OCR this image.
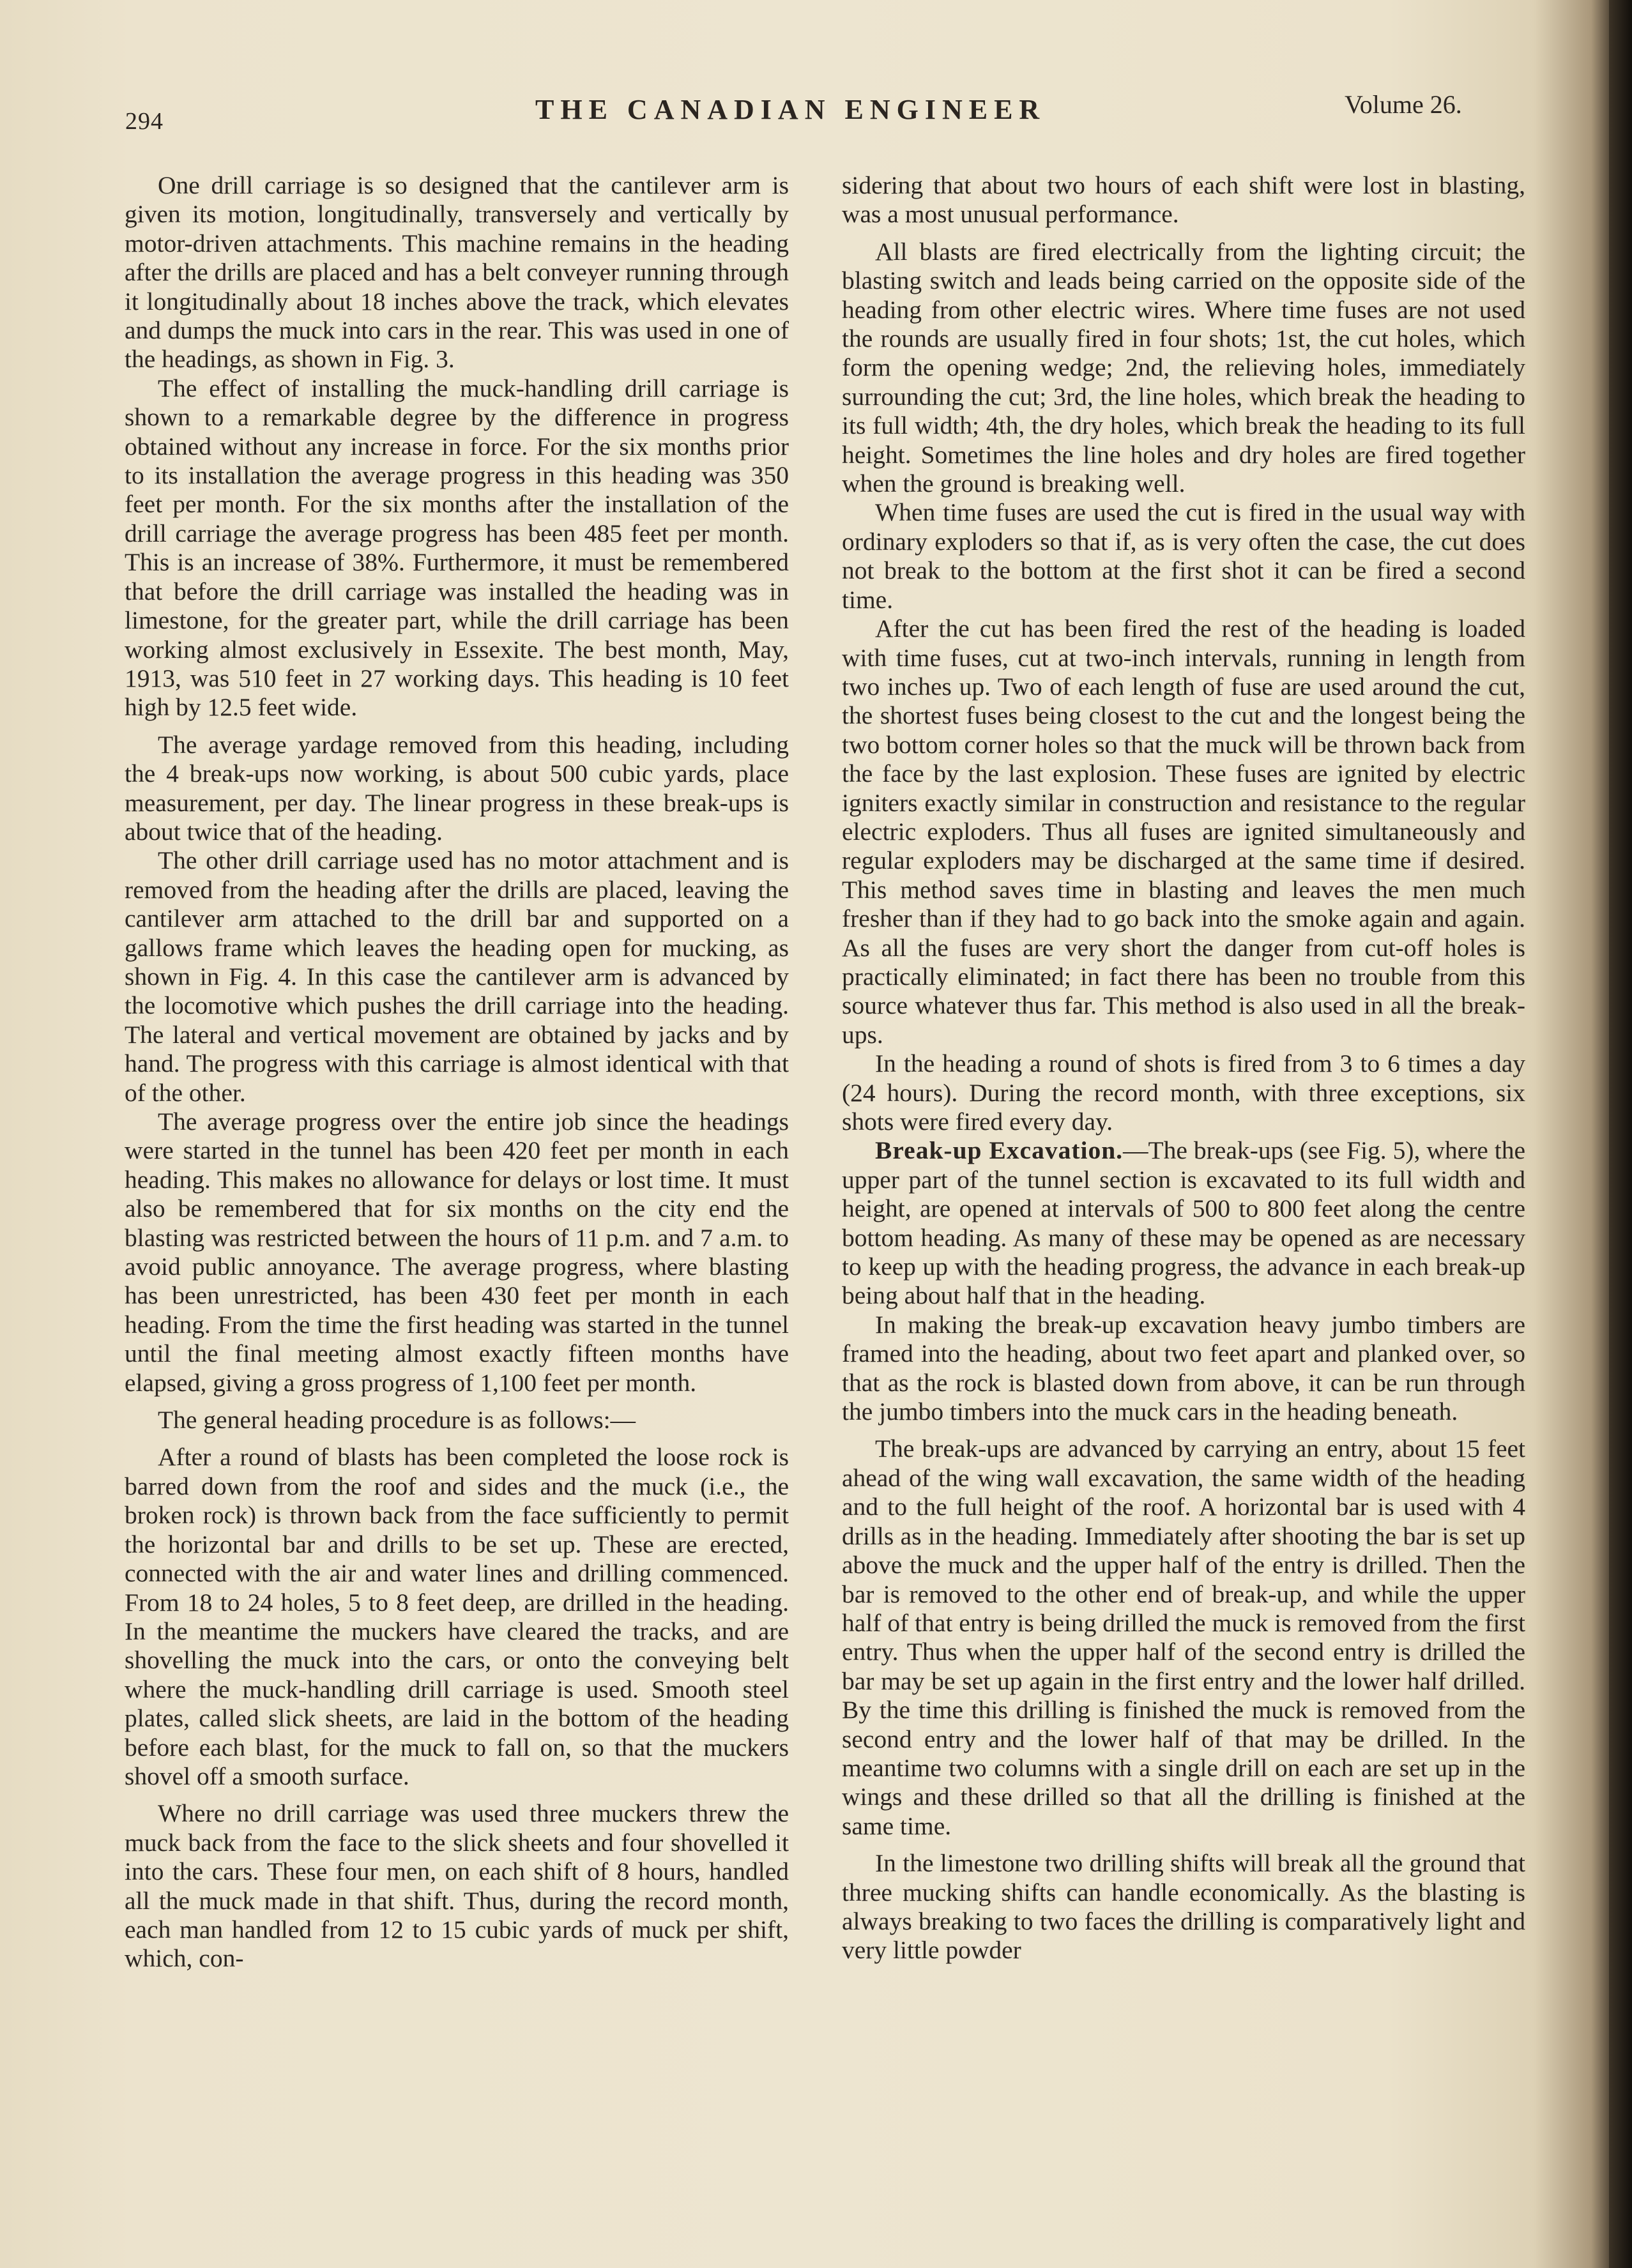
294	THE CANADIAN ENGINEER	Volume 26.

One drill carriage is so designed that the cantilever arm is given its motion, longitudinally, transversely and vertically by motor-driven attachments. This machine remains in the heading after the drills are placed and has a belt conveyer running through it longitudinally about 18 inches above the track, which elevates and dumps the muck into cars in the rear. This was used in one of the headings, as shown in Fig. 3.

The effect of installing the muck-handling drill carriage is shown to a remarkable degree by the difference in progress obtained without any increase in force. For the six months prior to its installation the average progress in this heading was 350 feet per month. For the six months after the installation of the drill carriage the average progress has been 485 feet per month. This is an increase of 38%. Furthermore, it must be remembered that before the drill carriage was installed the heading was in limestone, for the greater part, while the drill carriage has been working almost exclusively in Essexite. The best month, May, 1913, was 510 feet in 27 working days. This heading is 10 feet high by 12.5 feet wide.

The average yardage removed from this heading, including the 4 break-ups now working, is about 500 cubic yards, place measurement, per day. The linear progress in these break-ups is about twice that of the heading.

The other drill carriage used has no motor attachment and is removed from the heading after the drills are placed, leaving the cantilever arm attached to the drill bar and supported on a gallows frame which leaves the heading open for mucking, as shown in Fig. 4. In this case the cantilever arm is advanced by the locomotive which pushes the drill carriage into the heading. The lateral and vertical movement are obtained by jacks and by hand. The progress with this carriage is almost identical with that of the other.

The average progress over the entire job since the headings were started in the tunnel has been 420 feet per month in each heading. This makes no allowance for delays or lost time. It must also be remembered that for six months on the city end the blasting was restricted between the hours of 11 p.m. and 7 a.m. to avoid public annoyance. The average progress, where blasting has been unrestricted, has been 430 feet per month in each heading. From the time the first heading was started in the tunnel until the final meeting almost exactly fifteen months have elapsed, giving a gross progress of 1,100 feet per month.

The general heading procedure is as follows:—

After a round of blasts has been completed the loose rock is barred down from the roof and sides and the muck (i.e., the broken rock) is thrown back from the face sufficiently to permit the horizontal bar and drills to be set up. These are erected, connected with the air and water lines and drilling commenced. From 18 to 24 holes, 5 to 8 feet deep, are drilled in the heading. In the meantime the muckers have cleared the tracks, and are shovelling the muck into the cars, or onto the conveying belt where the muck-handling drill carriage is used. Smooth steel plates, called slick sheets, are laid in the bottom of the heading before each blast, for the muck to fall on, so that the muckers shovel off a smooth surface.

Where no drill carriage was used three muckers threw the muck back from the face to the slick sheets and four shovelled it into the cars. These four men, on each shift of 8 hours, handled all the muck made in that shift. Thus, during the record month, each man handled from 12 to 15 cubic yards of muck per shift, which, con-

sidering that about two hours of each shift were lost in blasting, was a most unusual performance.

All blasts are fired electrically from the lighting circuit; the blasting switch and leads being carried on the opposite side of the heading from other electric wires. Where time fuses are not used the rounds are usually fired in four shots; 1st, the cut holes, which form the opening wedge; 2nd, the relieving holes, immediately surrounding the cut; 3rd, the line holes, which break the heading to its full width; 4th, the dry holes, which break the heading to its full height. Sometimes the line holes and dry holes are fired together when the ground is breaking well.

When time fuses are used the cut is fired in the usual way with ordinary exploders so that if, as is very often the case, the cut does not break to the bottom at the first shot it can be fired a second time.

After the cut has been fired the rest of the heading is loaded with time fuses, cut at two-inch intervals, running in length from two inches up. Two of each length of fuse are used around the cut, the shortest fuses being closest to the cut and the longest being the two bottom corner holes so that the muck will be thrown back from the face by the last explosion. These fuses are ignited by electric igniters exactly similar in construction and resistance to the regular electric exploders. Thus all fuses are ignited simultaneously and regular exploders may be discharged at the same time if desired. This method saves time in blasting and leaves the men much fresher than if they had to go back into the smoke again and again. As all the fuses are very short the danger from cut-off holes is practically eliminated; in fact there has been no trouble from this source whatever thus far. This method is also used in all the break-ups.

In the heading a round of shots is fired from 3 to 6 times a day (24 hours). During the record month, with three exceptions, six shots were fired every day.

Break-up Excavation.—The break-ups (see Fig. 5), where the upper part of the tunnel section is excavated to its full width and height, are opened at intervals of 500 to 800 feet along the centre bottom heading. As many of these may be opened as are necessary to keep up with the heading progress, the advance in each break-up being about half that in the heading.

In making the break-up excavation heavy jumbo timbers are framed into the heading, about two feet apart and planked over, so that as the rock is blasted down from above, it can be run through the jumbo timbers into the muck cars in the heading beneath.

The break-ups are advanced by carrying an entry, about 15 feet ahead of the wing wall excavation, the same width of the heading and to the full height of the roof. A horizontal bar is used with 4 drills as in the heading. Immediately after shooting the bar is set up above the muck and the upper half of the entry is drilled. Then the bar is removed to the other end of break-up, and while the upper half of that entry is being drilled the muck is removed from the first entry. Thus when the upper half of the second entry is drilled the bar may be set up again in the first entry and the lower half drilled. By the time this drilling is finished the muck is removed from the second entry and the lower half of that may be drilled. In the meantime two columns with a single drill on each are set up in the wings and these drilled so that all the drilling is finished at the same time.

In the limestone two drilling shifts will break all the ground that three mucking shifts can handle economically. As the blasting is always breaking to two faces the drilling is comparatively light and very little powder
